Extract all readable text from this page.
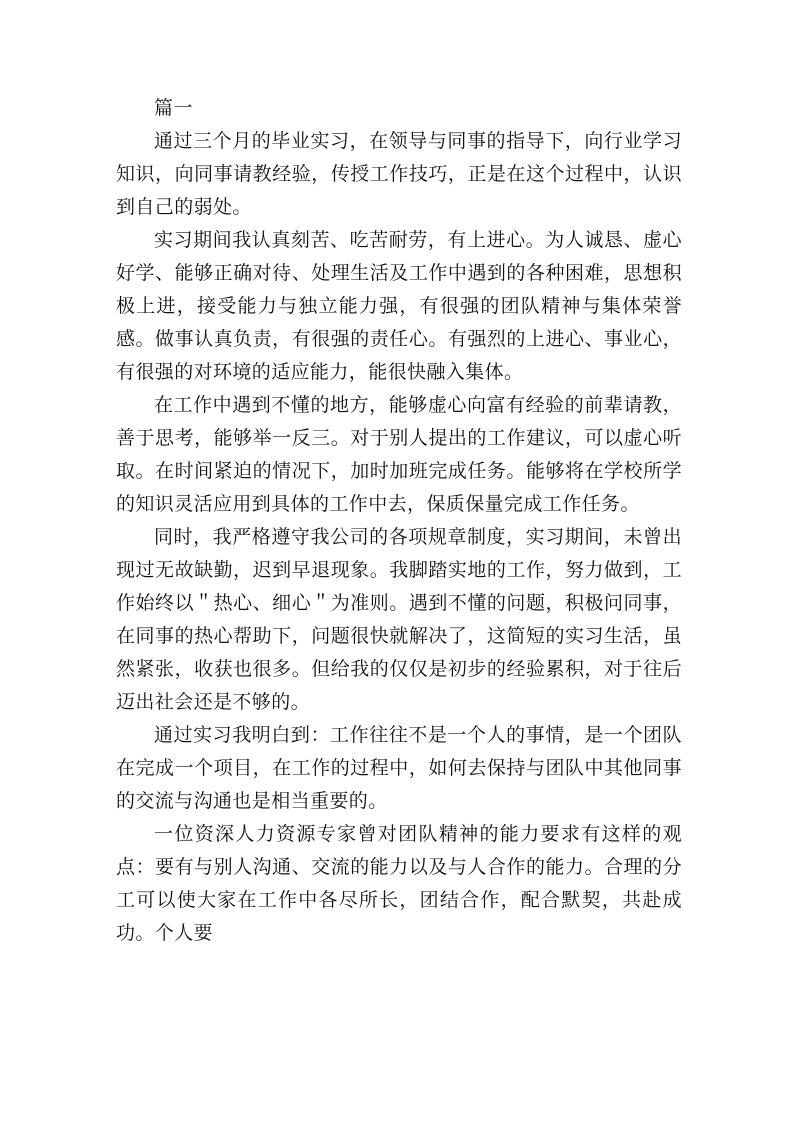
篇一

通过三个月的毕业实习，在领导与同事的指导下，向行业学习知识，向同事请教经验，传授工作技巧，正是在这个过程中，认识到自己的弱处。

实习期间我认真刻苦、吃苦耐劳，有上进心。为人诚恳、虚心好学、能够正确对待、处理生活及工作中遇到的各种困难，思想积极上进，接受能力与独立能力强，有很强的团队精神与集体荣誉感。做事认真负责，有很强的责任心。有强烈的上进心、事业心，有很强的对环境的适应能力，能很快融入集体。

在工作中遇到不懂的地方，能够虚心向富有经验的前辈请教，善于思考，能够举一反三。对于别人提出的工作建议，可以虚心听取。在时间紧迫的情况下，加时加班完成任务。能够将在学校所学的知识灵活应用到具体的工作中去，保质保量完成工作任务。

同时，我严格遵守我公司的各项规章制度，实习期间，未曾出现过无故缺勤，迟到早退现象。我脚踏实地的工作，努力做到，工作始终以＂热心、细心＂为准则。遇到不懂的问题，积极问同事，在同事的热心帮助下，问题很快就解决了，这简短的实习生活，虽然紧张，收获也很多。但给我的仅仅是初步的经验累积，对于往后迈出社会还是不够的。

通过实习我明白到：工作往往不是一个人的事情，是一个团队在完成一个项目，在工作的过程中，如何去保持与团队中其他同事的交流与沟通也是相当重要的。

一位资深人力资源专家曾对团队精神的能力要求有这样的观点：要有与别人沟通、交流的能力以及与人合作的能力。合理的分工可以使大家在工作中各尽所长，团结合作，配合默契，共赴成功。个人要
